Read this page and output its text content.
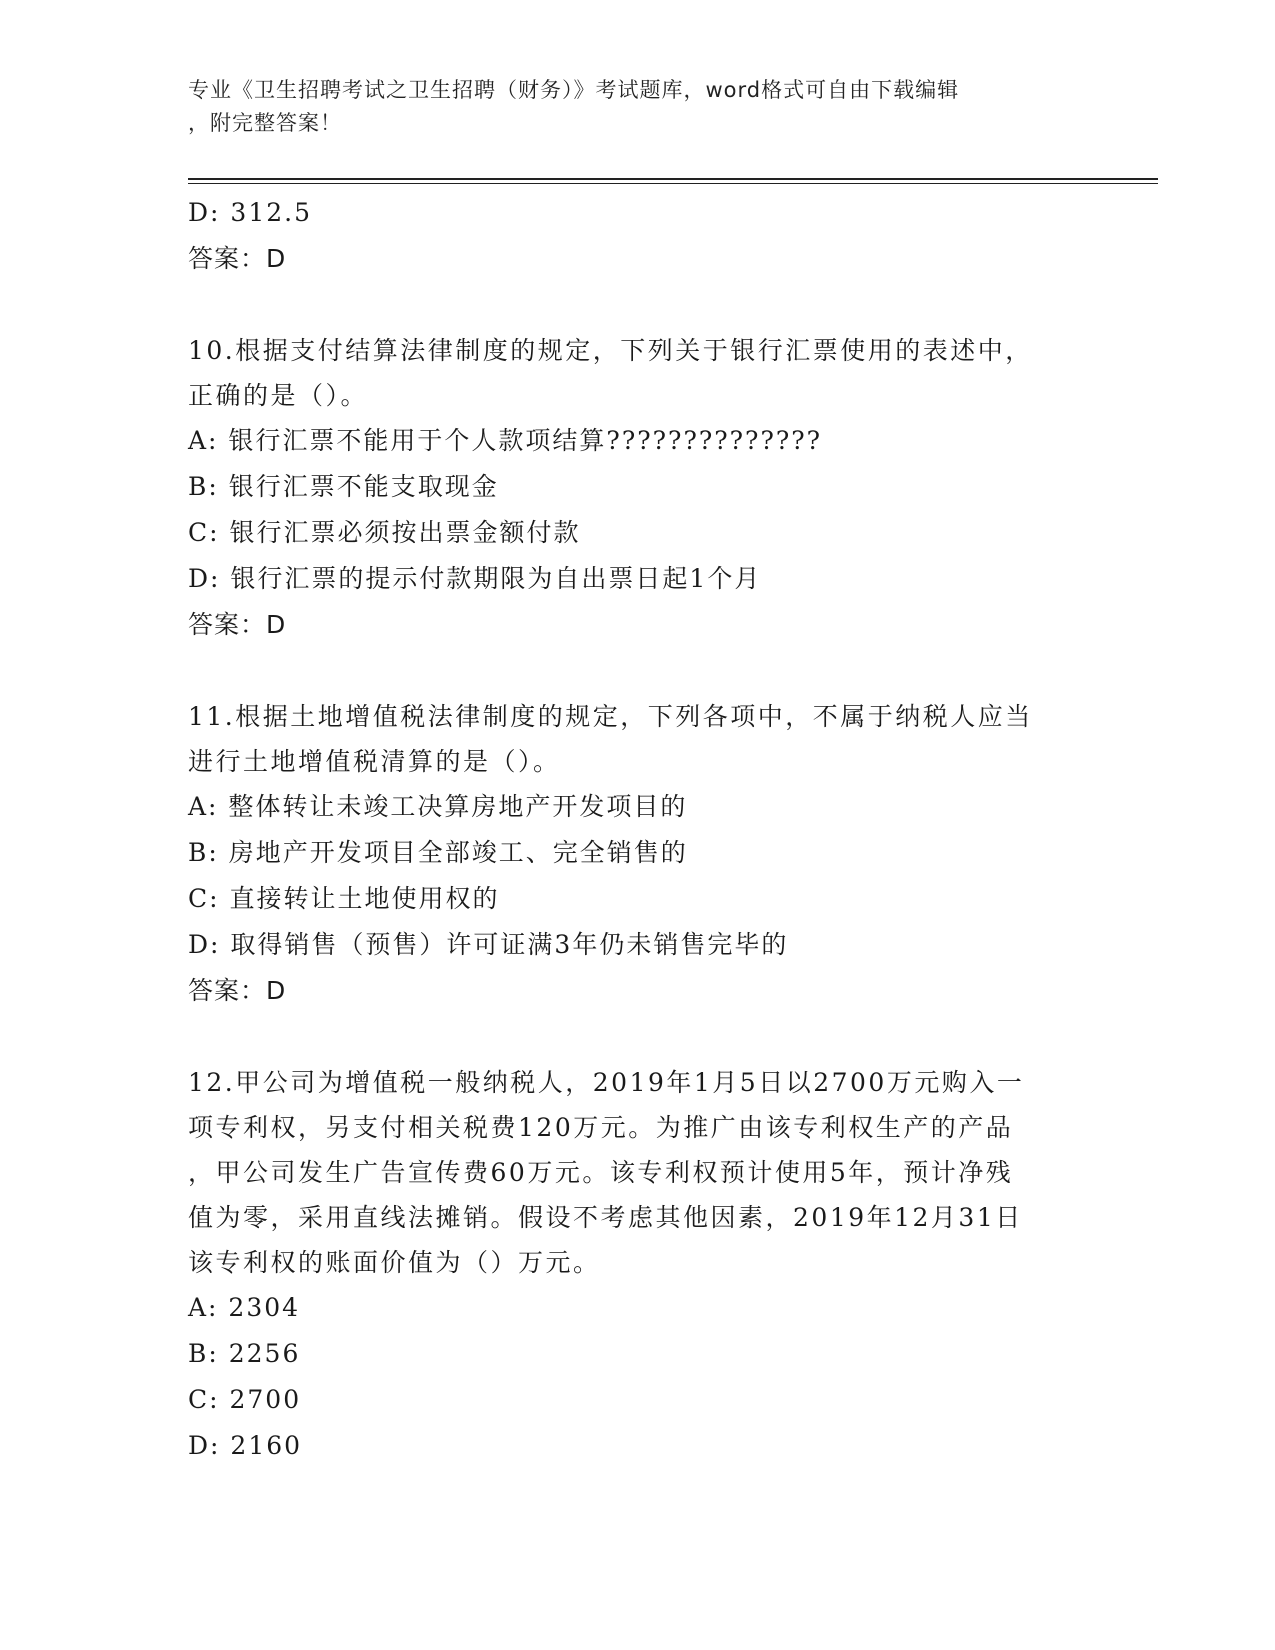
专业《卫生招聘考试之卫生招聘（财务）》考试题库，word格式可自由下载编辑
，附完整答案！
D: 312.5
答案：D
10.根据支付结算法律制度的规定，下列关于银行汇票使用的表述中，
正确的是（）。
A: 银行汇票不能用于个人款项结算??????????????
B: 银行汇票不能支取现金
C: 银行汇票必须按出票金额付款
D: 银行汇票的提示付款期限为自出票日起1个月
答案：D
11.根据土地增值税法律制度的规定，下列各项中，不属于纳税人应当
进行土地增值税清算的是（）。
A: 整体转让未竣工决算房地产开发项目的
B: 房地产开发项目全部竣工、完全销售的
C: 直接转让土地使用权的
D: 取得销售（预售）许可证满3年仍未销售完毕的
答案：D
12.甲公司为增值税一般纳税人，2019年1月5日以2700万元购入一
项专利权，另支付相关税费120万元。为推广由该专利权生产的产品
，甲公司发生广告宣传费60万元。该专利权预计使用5年，预计净残
值为零，采用直线法摊销。假设不考虑其他因素，2019年12月31日
该专利权的账面价值为（）万元。
A: 2304
B: 2256
C: 2700
D: 2160
